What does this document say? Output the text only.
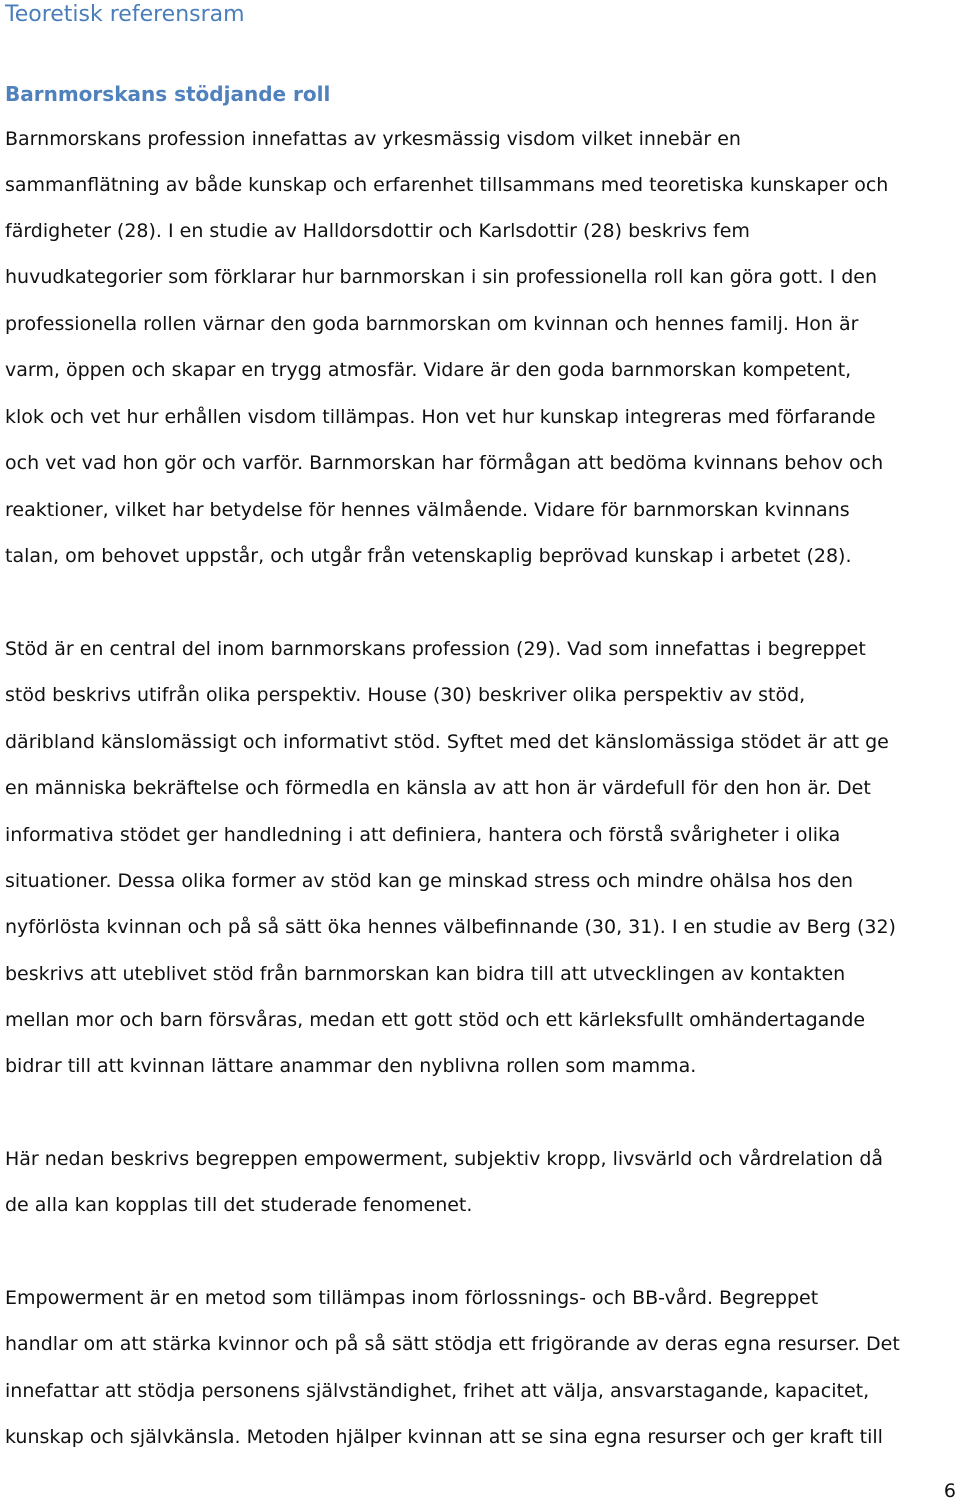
Teoretisk referensram
Barnmorskans stödjande roll
Barnmorskans profession innefattas av yrkesmässig visdom vilket innebär en
sammanflätning av både kunskap och erfarenhet tillsammans med teoretiska kunskaper och
färdigheter (28). I en studie av Halldorsdottir och Karlsdottir (28) beskrivs fem
huvudkategorier som förklarar hur barnmorskan i sin professionella roll kan göra gott. I den
professionella rollen värnar den goda barnmorskan om kvinnan och hennes familj. Hon är
varm, öppen och skapar en trygg atmosfär. Vidare är den goda barnmorskan kompetent,
klok och vet hur erhållen visdom tillämpas. Hon vet hur kunskap integreras med förfarande
och vet vad hon gör och varför. Barnmorskan har förmågan att bedöma kvinnans behov och
reaktioner, vilket har betydelse för hennes välmående. Vidare för barnmorskan kvinnans
talan, om behovet uppstår, och utgår från vetenskaplig beprövad kunskap i arbetet (28).
Stöd är en central del inom barnmorskans profession (29). Vad som innefattas i begreppet
stöd beskrivs utifrån olika perspektiv. House (30) beskriver olika perspektiv av stöd,
däribland känslomässigt och informativt stöd. Syftet med det känslomässiga stödet är att ge
en människa bekräftelse och förmedla en känsla av att hon är värdefull för den hon är. Det
informativa stödet ger handledning i att definiera, hantera och förstå svårigheter i olika
situationer. Dessa olika former av stöd kan ge minskad stress och mindre ohälsa hos den
nyförlösta kvinnan och på så sätt öka hennes välbefinnande (30, 31). I en studie av Berg (32)
beskrivs att uteblivet stöd från barnmorskan kan bidra till att utvecklingen av kontakten
mellan mor och barn försvåras, medan ett gott stöd och ett kärleksfullt omhändertagande
bidrar till att kvinnan lättare anammar den nyblivna rollen som mamma.
Här nedan beskrivs begreppen empowerment, subjektiv kropp, livsvärld och vårdrelation då
de alla kan kopplas till det studerade fenomenet.
Empowerment är en metod som tillämpas inom förlossnings- och BB-vård. Begreppet
handlar om att stärka kvinnor och på så sätt stödja ett frigörande av deras egna resurser. Det
innefattar att stödja personens självständighet, frihet att välja, ansvarstagande, kapacitet,
kunskap och självkänsla. Metoden hjälper kvinnan att se sina egna resurser och ger kraft till
6
